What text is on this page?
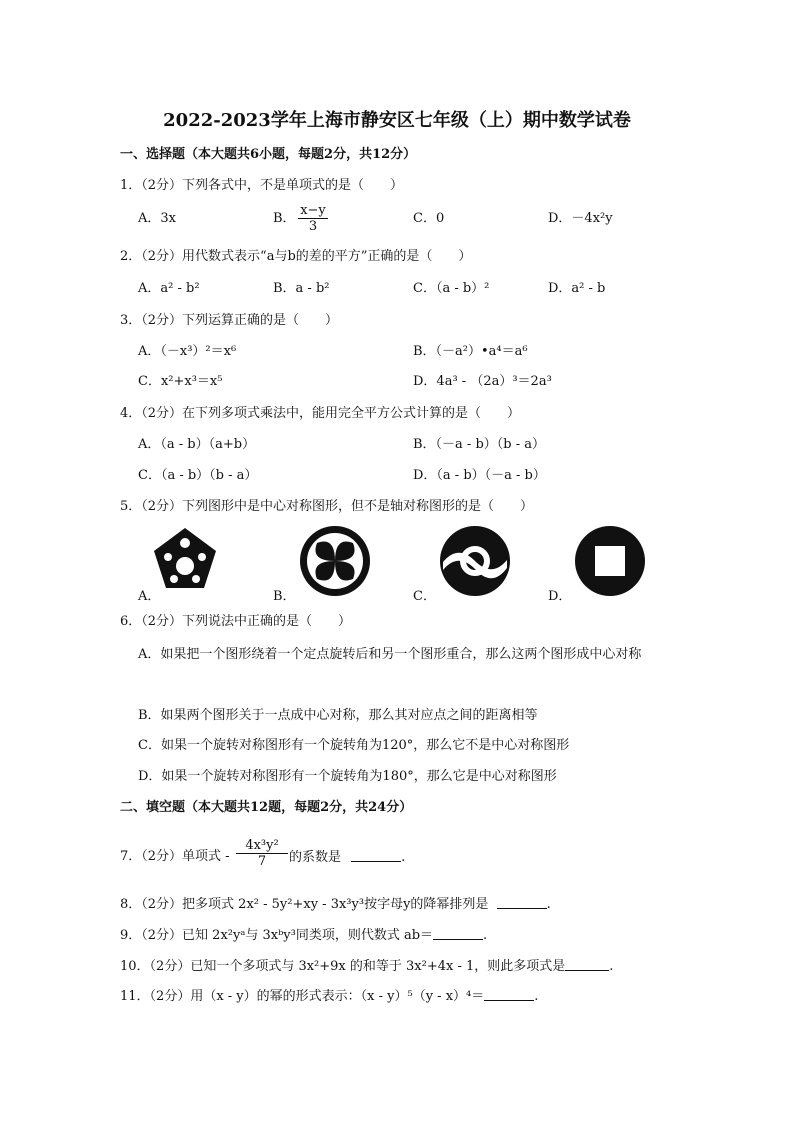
2022-2023学年上海市静安区七年级（上）期中数学试卷
一、选择题（本大题共6小题，每题2分，共12分）
1．（2分）下列各式中，不是单项式的是（　　）
A．3x	B． $\frac{x-y}{3}$	C．0	D．－4x²y
2．（2分）用代数式表示“a与b的差的平方”正确的是（　　）
A．a² - b²	B．a - b²	C．（a - b）²	D．a² - b
3．（2分）下列运算正确的是（　　）
A．（－x³）²＝x⁶	B．（－a²）•a⁴＝a⁶
C．x²+x³＝x⁵	D．4a³ - （2a）³＝2a³
4．（2分）在下列多项式乘法中，能用完全平方公式计算的是（　　）
A．（a - b）（a+b）	B．（－a - b）（b - a）
C．（a - b）（b - a）	D．（a - b）（－a - b）
5．（2分）下列图形中是中心对称图形，但不是轴对称图形的是（　　）
A．	B．	C．	D．
6．（2分）下列说法中正确的是（　　）
A．如果把一个图形绕着一个定点旋转后和另一个图形重合，那么这两个图形成中心对称
B．如果两个图形关于一点成中心对称，那么其对应点之间的距离相等
C．如果一个旋转对称图形有一个旋转角为120°，那么它不是中心对称图形
D．如果一个旋转对称图形有一个旋转角为180°，那么它是中心对称图形
二、填空题（本大题共12题，每题2分，共24分）
7．（2分）单项式 - $\frac{\text{4x³y²}}{7}$ 的系数是	.
8．（2分）把多项式 2x² - 5y²+xy - 3x³y³按字母y的降幂排列是	.
9．（2分）已知 2x²yᵃ与 3xᵇy³同类项，则代数式 ab＝	.
10．（2分）已知一个多项式与 3x²+9x 的和等于 3x²+4x - 1，则此多项式是	.
11．（2分）用（x - y）的幂的形式表示：（x - y）⁵（y - x）⁴＝	.
